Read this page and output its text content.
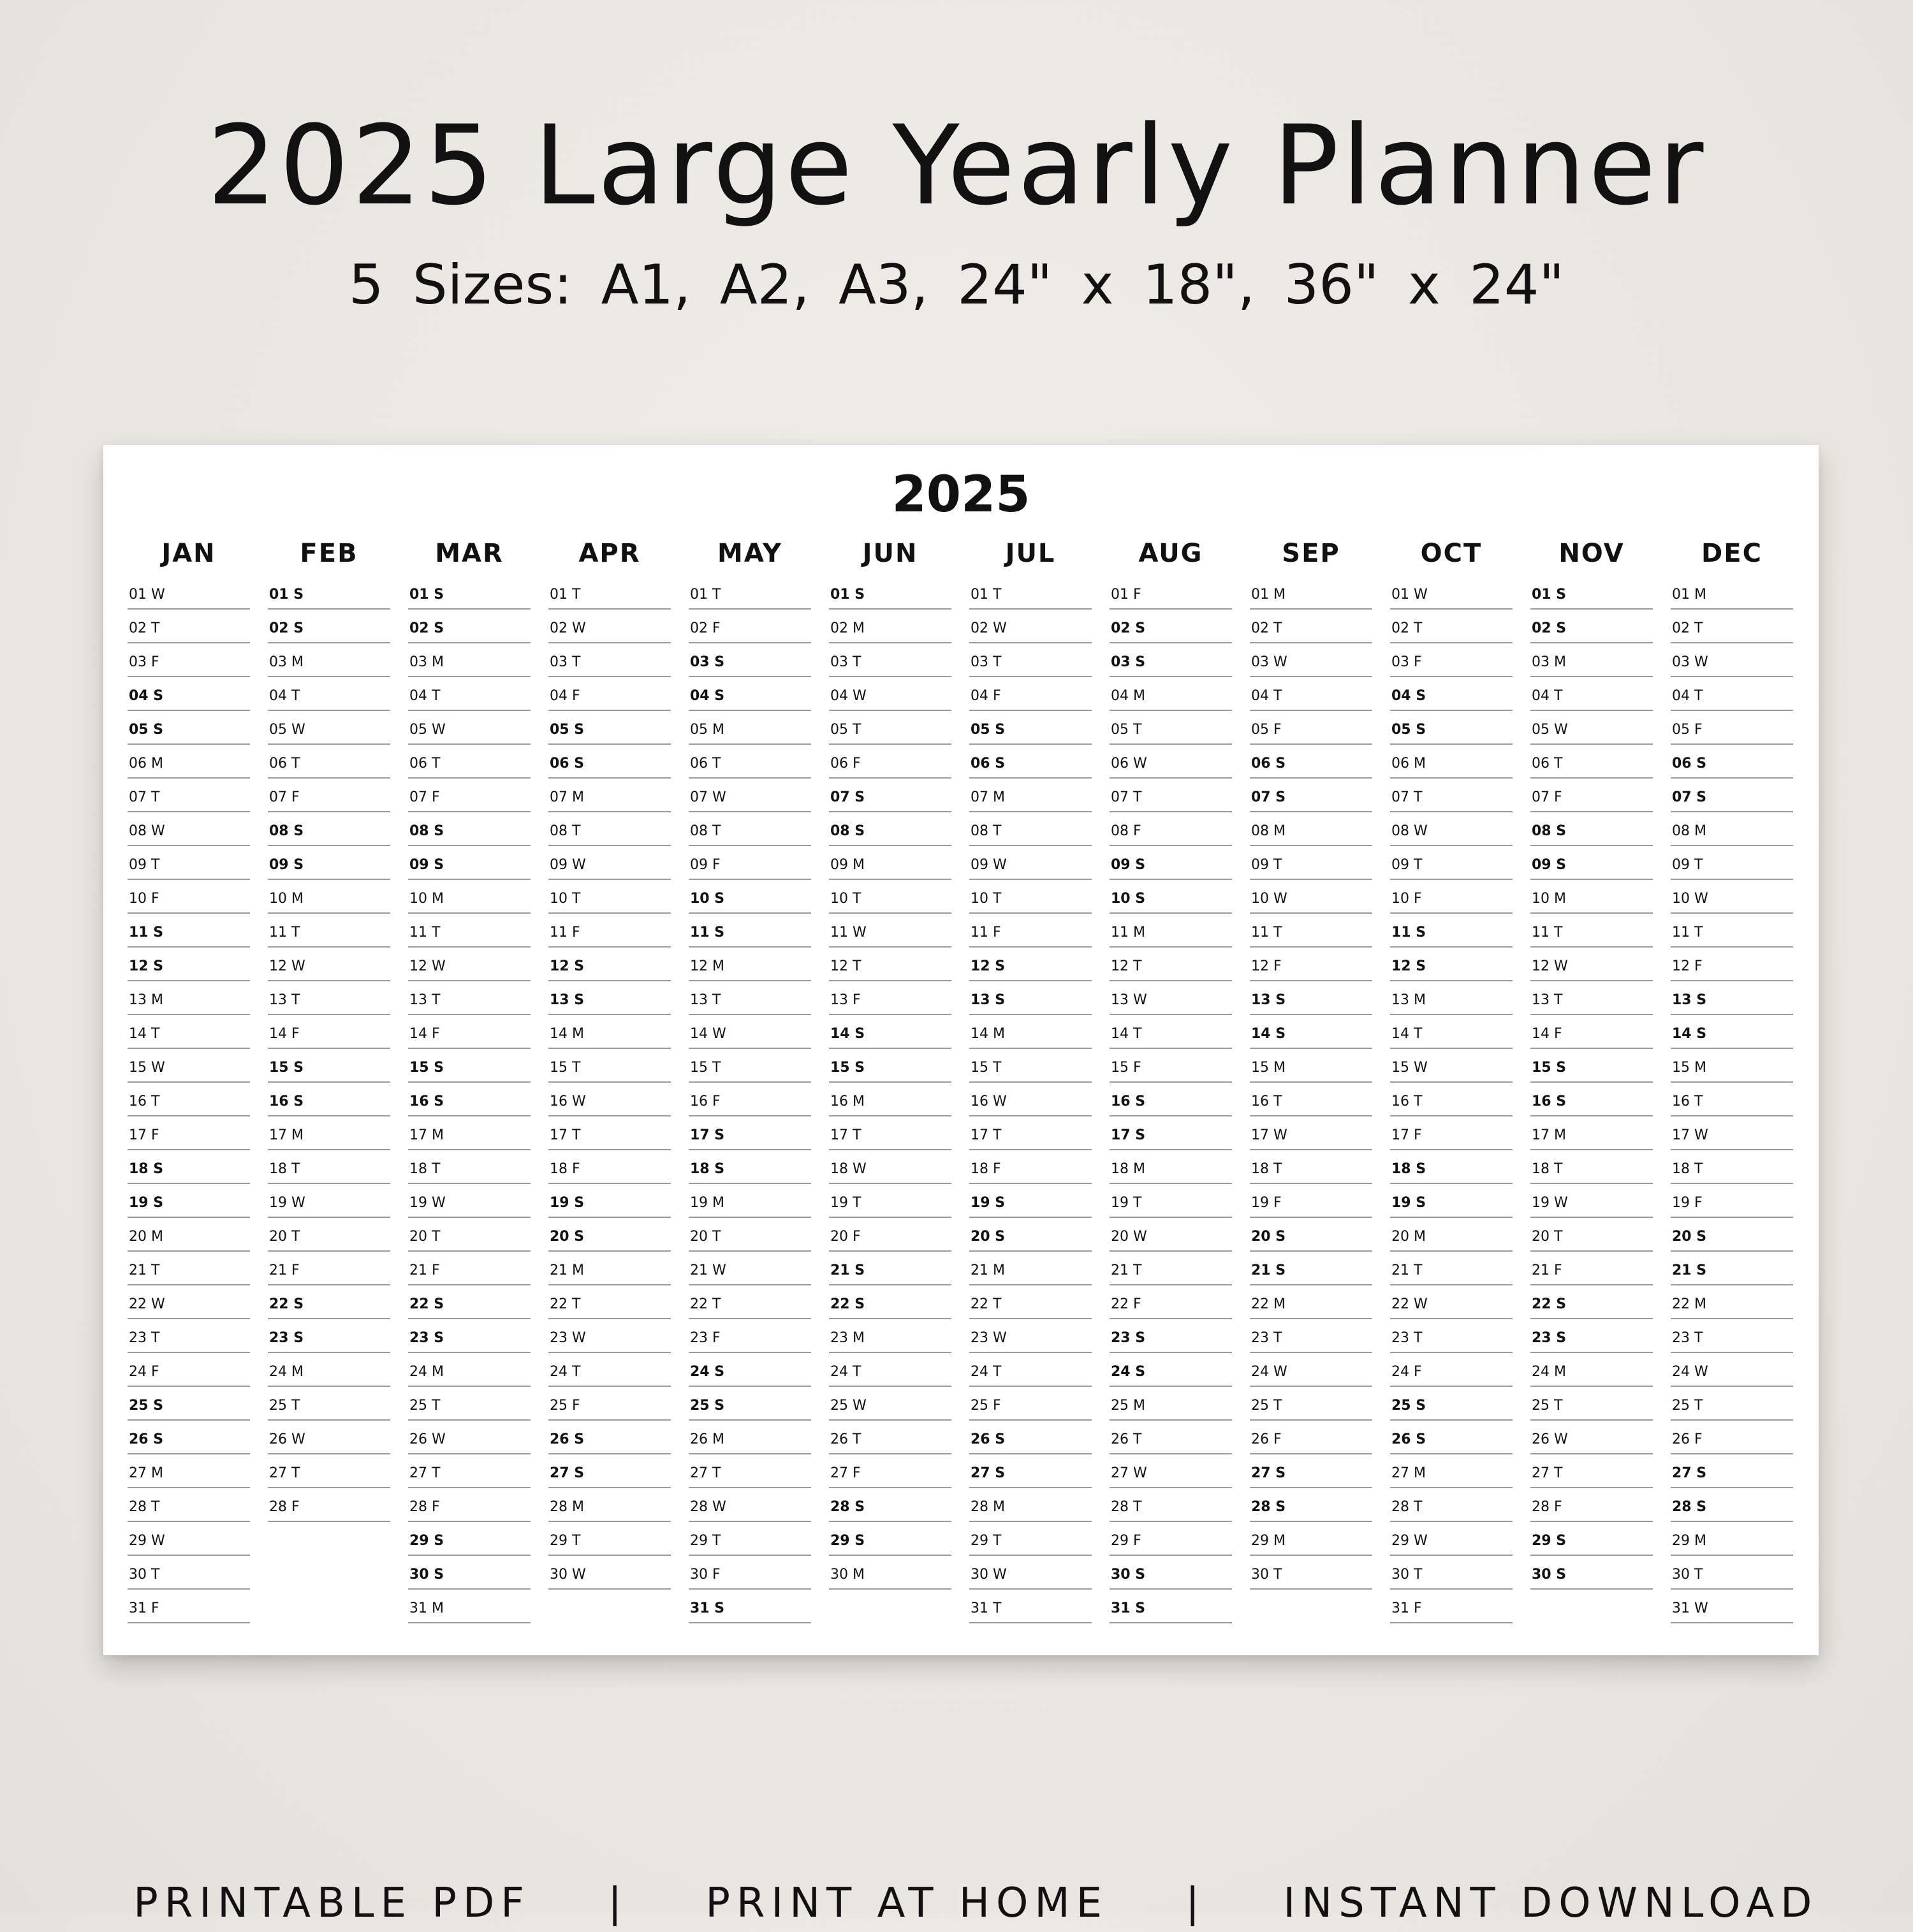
2025 Large Yearly Planner
5 Sizes: A1, A2, A3, 24" x 18", 36" x 24"
2025
JAN
01 W
02 T
03 F
04 S
05 S
06 M
07 T
08 W
09 T
10 F
11 S
12 S
13 M
14 T
15 W
16 T
17 F
18 S
19 S
20 M
21 T
22 W
23 T
24 F
25 S
26 S
27 M
28 T
29 W
30 T
31 F
FEB
01 S
02 S
03 M
04 T
05 W
06 T
07 F
08 S
09 S
10 M
11 T
12 W
13 T
14 F
15 S
16 S
17 M
18 T
19 W
20 T
21 F
22 S
23 S
24 M
25 T
26 W
27 T
28 F
MAR
01 S
02 S
03 M
04 T
05 W
06 T
07 F
08 S
09 S
10 M
11 T
12 W
13 T
14 F
15 S
16 S
17 M
18 T
19 W
20 T
21 F
22 S
23 S
24 M
25 T
26 W
27 T
28 F
29 S
30 S
31 M
APR
01 T
02 W
03 T
04 F
05 S
06 S
07 M
08 T
09 W
10 T
11 F
12 S
13 S
14 M
15 T
16 W
17 T
18 F
19 S
20 S
21 M
22 T
23 W
24 T
25 F
26 S
27 S
28 M
29 T
30 W
MAY
01 T
02 F
03 S
04 S
05 M
06 T
07 W
08 T
09 F
10 S
11 S
12 M
13 T
14 W
15 T
16 F
17 S
18 S
19 M
20 T
21 W
22 T
23 F
24 S
25 S
26 M
27 T
28 W
29 T
30 F
31 S
JUN
01 S
02 M
03 T
04 W
05 T
06 F
07 S
08 S
09 M
10 T
11 W
12 T
13 F
14 S
15 S
16 M
17 T
18 W
19 T
20 F
21 S
22 S
23 M
24 T
25 W
26 T
27 F
28 S
29 S
30 M
JUL
01 T
02 W
03 T
04 F
05 S
06 S
07 M
08 T
09 W
10 T
11 F
12 S
13 S
14 M
15 T
16 W
17 T
18 F
19 S
20 S
21 M
22 T
23 W
24 T
25 F
26 S
27 S
28 M
29 T
30 W
31 T
AUG
01 F
02 S
03 S
04 M
05 T
06 W
07 T
08 F
09 S
10 S
11 M
12 T
13 W
14 T
15 F
16 S
17 S
18 M
19 T
20 W
21 T
22 F
23 S
24 S
25 M
26 T
27 W
28 T
29 F
30 S
31 S
SEP
01 M
02 T
03 W
04 T
05 F
06 S
07 S
08 M
09 T
10 W
11 T
12 F
13 S
14 S
15 M
16 T
17 W
18 T
19 F
20 S
21 S
22 M
23 T
24 W
25 T
26 F
27 S
28 S
29 M
30 T
OCT
01 W
02 T
03 F
04 S
05 S
06 M
07 T
08 W
09 T
10 F
11 S
12 S
13 M
14 T
15 W
16 T
17 F
18 S
19 S
20 M
21 T
22 W
23 T
24 F
25 S
26 S
27 M
28 T
29 W
30 T
31 F
NOV
01 S
02 S
03 M
04 T
05 W
06 T
07 F
08 S
09 S
10 M
11 T
12 W
13 T
14 F
15 S
16 S
17 M
18 T
19 W
20 T
21 F
22 S
23 S
24 M
25 T
26 W
27 T
28 F
29 S
30 S
DEC
01 M
02 T
03 W
04 T
05 F
06 S
07 S
08 M
09 T
10 W
11 T
12 F
13 S
14 S
15 M
16 T
17 W
18 T
19 F
20 S
21 S
22 M
23 T
24 W
25 T
26 F
27 S
28 S
29 M
30 T
31 W

PRINTABLE PDF | PRINT AT HOME | INSTANT DOWNLOAD
